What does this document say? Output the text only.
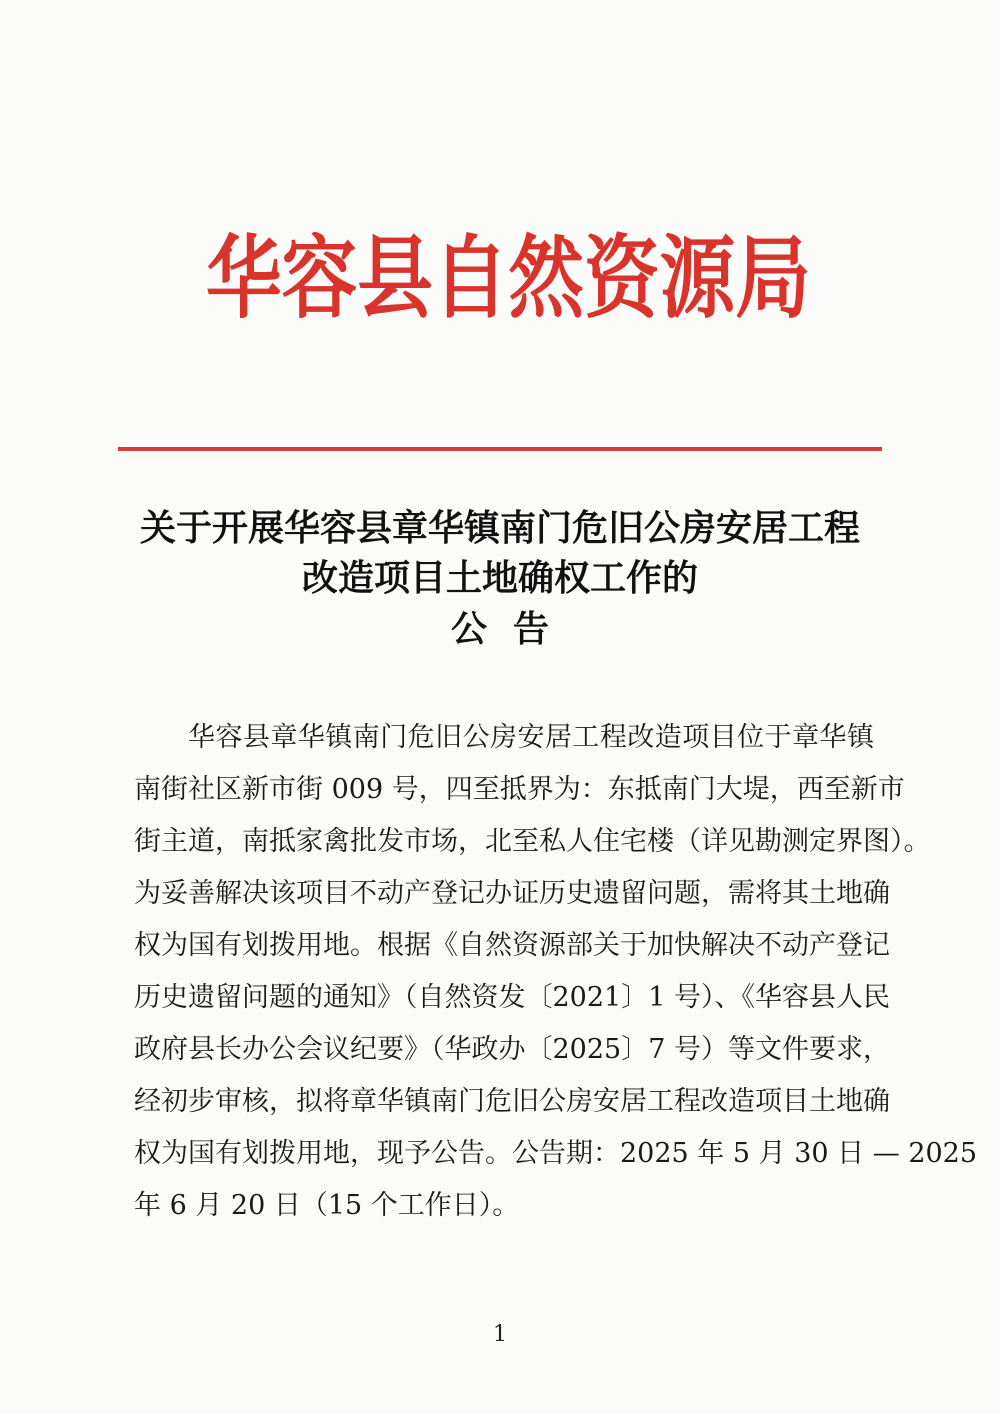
华容县自然资源局
关于开展华容县章华镇南门危旧公房安居工程
改造项目土地确权工作的
公告
华容县章华镇南门危旧公房安居工程改造项目位于章华镇
南街社区新市街 009 号，四至抵界为：东抵南门大堤，西至新市
街主道，南抵家禽批发市场，北至私人住宅楼（详见勘测定界图）。
为妥善解决该项目不动产登记办证历史遗留问题，需将其土地确
权为国有划拨用地。根据《自然资源部关于加快解决不动产登记
历史遗留问题的通知》（自然资发〔2021〕1 号）、《华容县人民
政府县长办公会议纪要》（华政办〔2025〕7 号）等文件要求，
经初步审核，拟将章华镇南门危旧公房安居工程改造项目土地确
权为国有划拨用地，现予公告。公告期：2025 年 5 月 30 日 — 2025
年 6 月 20 日（15 个工作日）。
1
